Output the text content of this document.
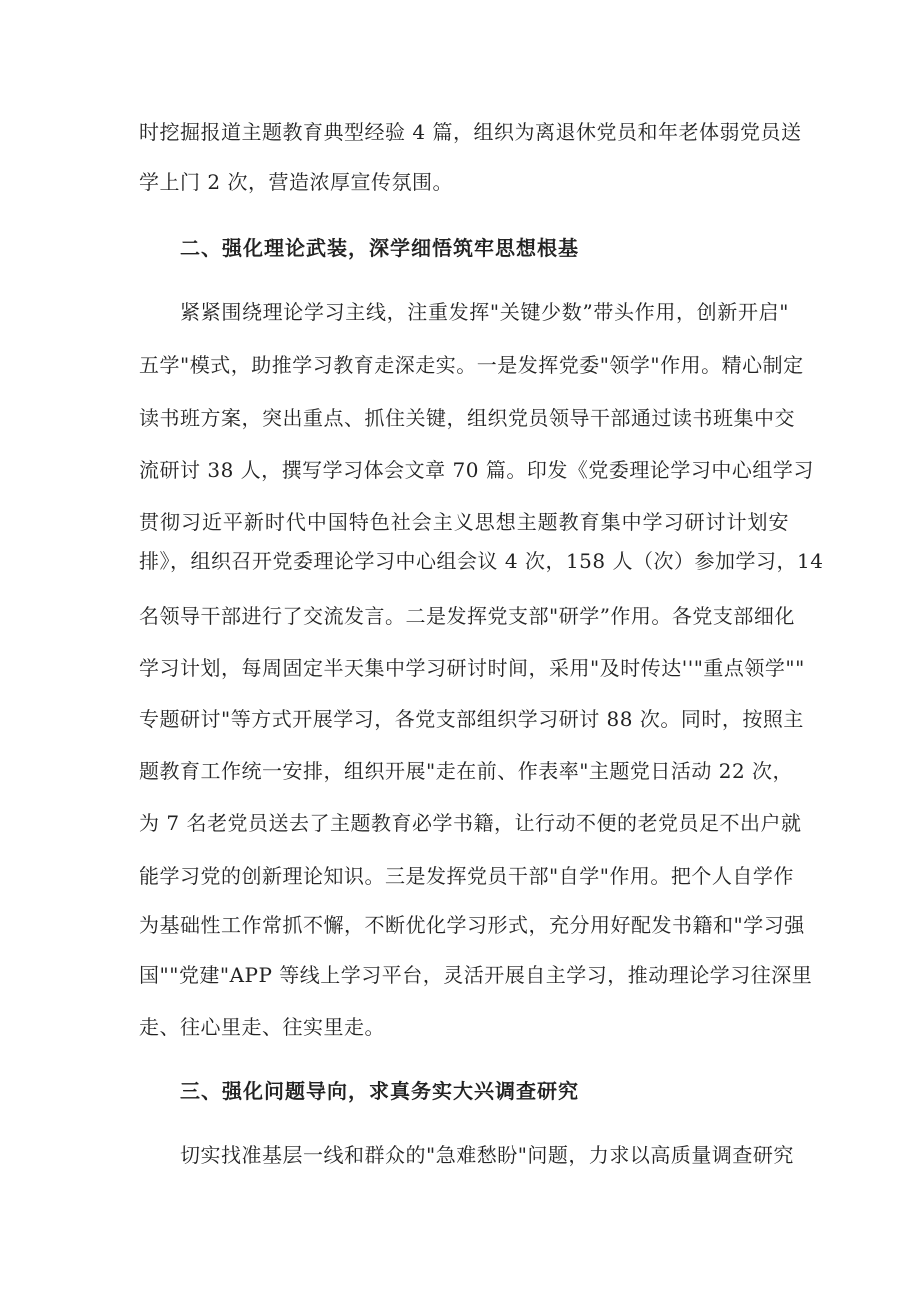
时挖掘报道主题教育典型经验 4 篇，组织为离退休党员和年老体弱党员送
学上门 2 次，营造浓厚宣传氛围。
二、强化理论武装，深学细悟筑牢思想根基
紧紧围绕理论学习主线，注重发挥"关键少数”带头作用，创新开启"
五学"模式，助推学习教育走深走实。一是发挥党委"领学"作用。精心制定
读书班方案，突出重点、抓住关键，组织党员领导干部通过读书班集中交
流研讨 38 人，撰写学习体会文章 70 篇。印发《党委理论学习中心组学习
贯彻习近平新时代中国特色社会主义思想主题教育集中学习研讨计划安
排》，组织召开党委理论学习中心组会议 4 次，158 人（次）参加学习，14
名领导干部进行了交流发言。二是发挥党支部"研学”作用。各党支部细化
学习计划，每周固定半天集中学习研讨时间，采用"及时传达''"重点领学""
专题研讨"等方式开展学习，各党支部组织学习研讨 88 次。同时，按照主
题教育工作统一安排，组织开展"走在前、作表率"主题党日活动 22 次，
为 7 名老党员送去了主题教育必学书籍，让行动不便的老党员足不出户就
能学习党的创新理论知识。三是发挥党员干部"自学"作用。把个人自学作
为基础性工作常抓不懈，不断优化学习形式，充分用好配发书籍和"学习强
国""党建"APP 等线上学习平台，灵活开展自主学习，推动理论学习往深里
走、往心里走、往实里走。
三、强化问题导向，求真务实大兴调查研究
切实找准基层一线和群众的"急难愁盼"问题，力求以高质量调查研究
